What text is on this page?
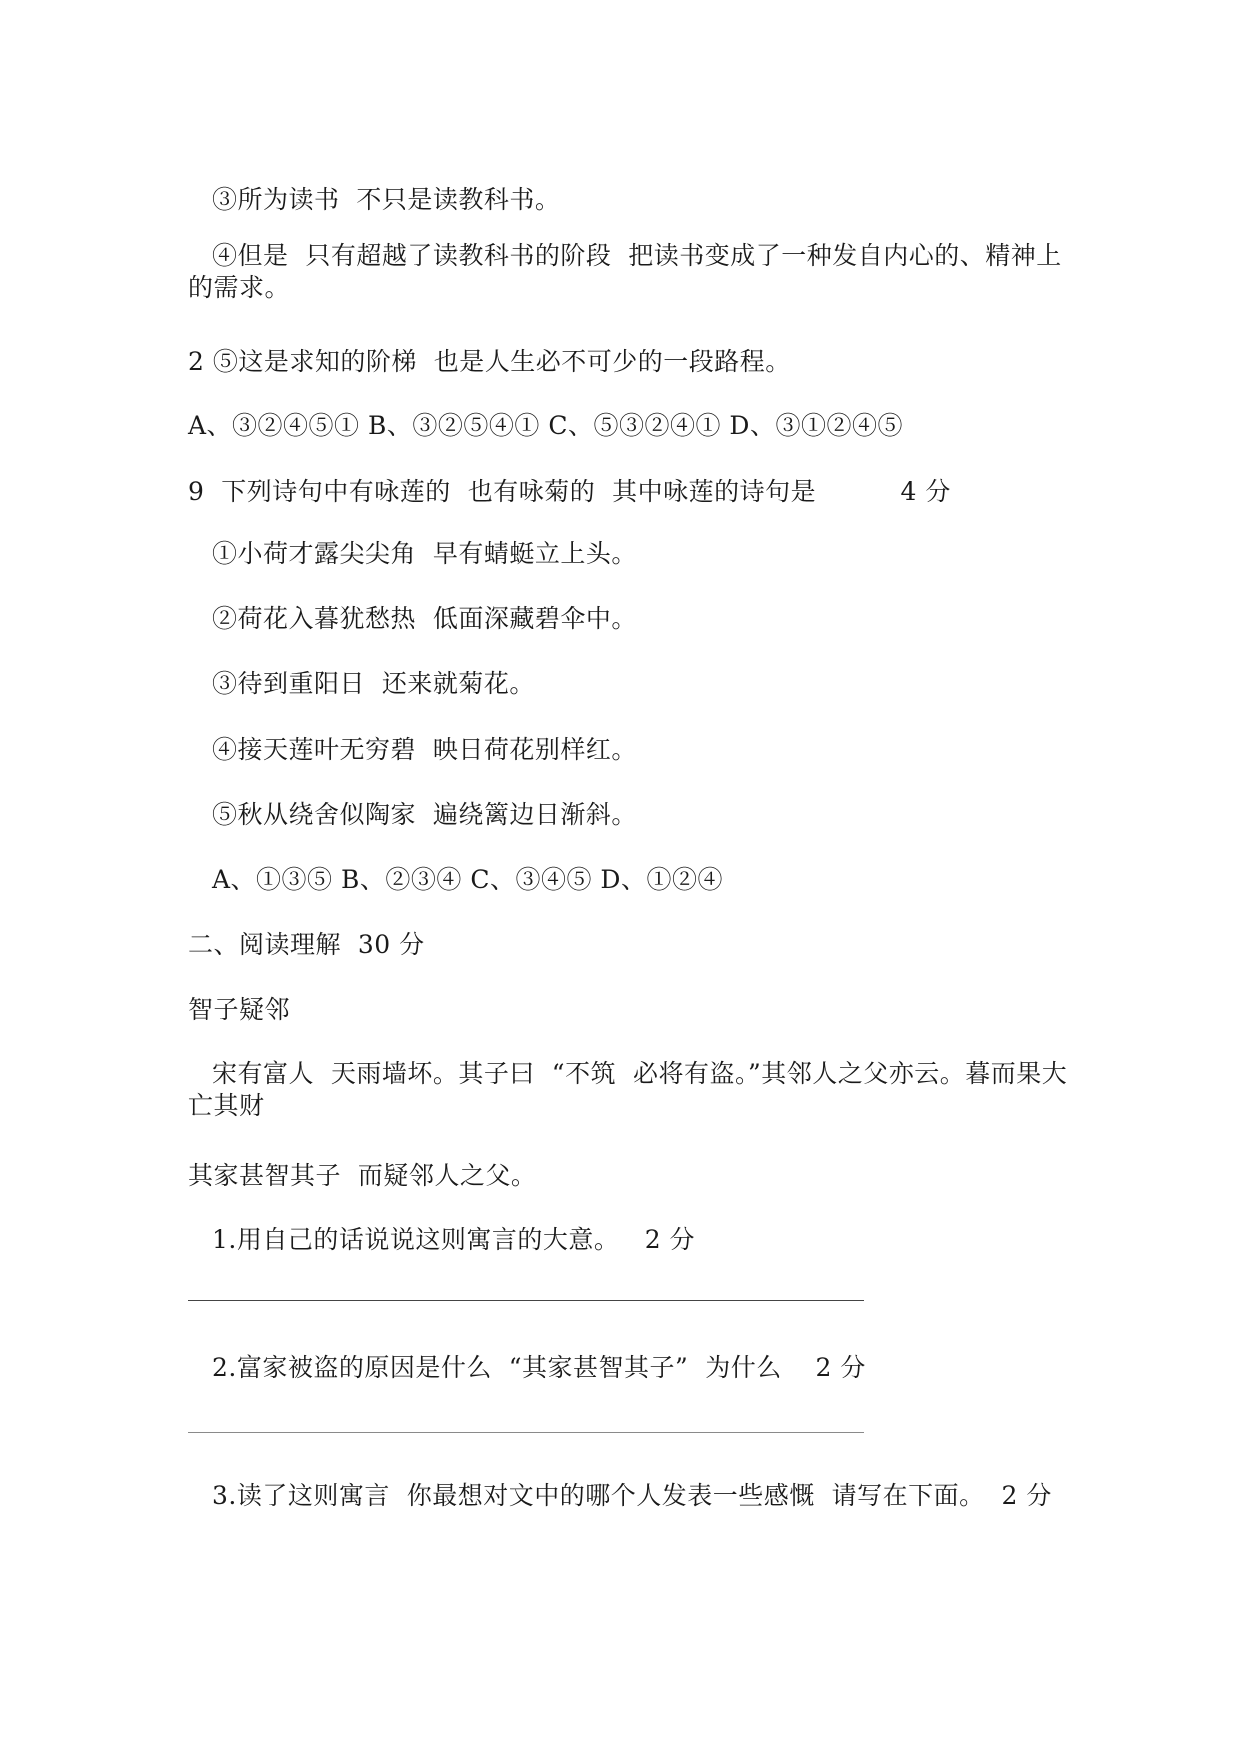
③所为读书  不只是读教科书。
④但是  只有超越了读教科书的阶段  把读书变成了一种发自内心的、精神上的需求。
2 ⑤这是求知的阶梯  也是人生必不可少的一段路程。
A、③②④⑤① B、③②⑤④① C、⑤③②④① D、③①②④⑤
9  下列诗句中有咏莲的  也有咏菊的  其中咏莲的诗句是          4 分
①小荷才露尖尖角  早有蜻蜓立上头。
②荷花入暮犹愁热  低面深藏碧伞中。
③待到重阳日  还来就菊花。
④接天莲叶无穷碧  映日荷花别样红。
⑤秋从绕舍似陶家  遍绕篱边日渐斜。
A、①③⑤ B、②③④ C、③④⑤ D、①②④
二、阅读理解  30 分
智子疑邻
宋有富人  天雨墙坏。其子曰  “不筑  必将有盗。”其邻人之父亦云。暮而果大亡其财
其家甚智其子  而疑邻人之父。
1.用自己的话说说这则寓言的大意。   2 分
2.富家被盗的原因是什么  “其家甚智其子”  为什么    2 分
3.读了这则寓言  你最想对文中的哪个人发表一些感慨  请写在下面。  2 分
